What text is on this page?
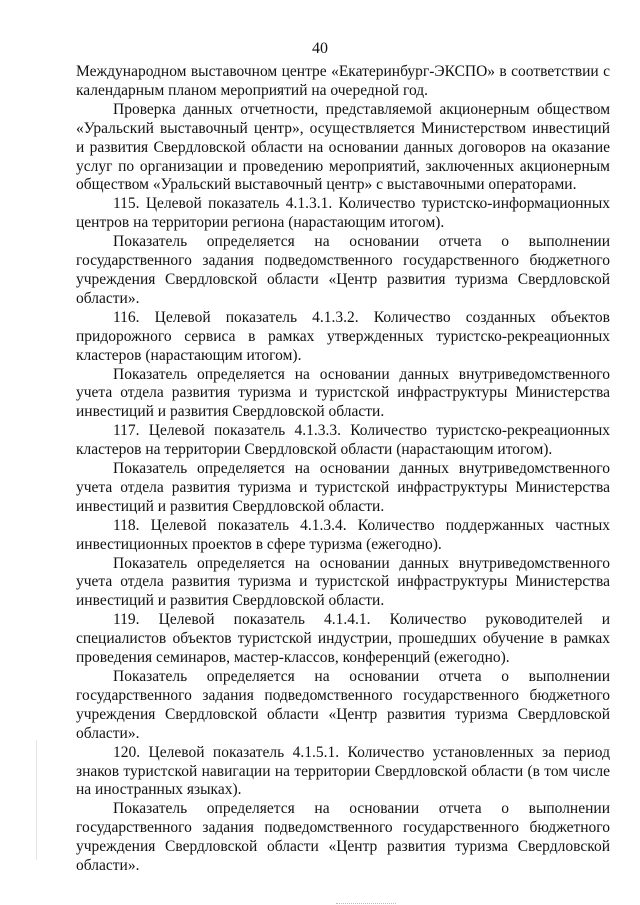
40

Международном выставочном центре «Екатеринбург-ЭКСПО» в соответствии с календарным планом мероприятий на очередной год.

Проверка данных отчетности, представляемой акционерным обществом «Уральский выставочный центр», осуществляется Министерством инвестиций и развития Свердловской области на основании данных договоров на оказание услуг по организации и проведению мероприятий, заключенных акционерным обществом «Уральский выставочный центр» с выставочными операторами.

115. Целевой показатель 4.1.3.1. Количество туристско-информационных центров на территории региона (нарастающим итогом).

Показатель определяется на основании отчета о выполнении государственного задания подведомственного государственного бюджетного учреждения Свердловской области «Центр развития туризма Свердловской области».

116. Целевой показатель 4.1.3.2. Количество созданных объектов придорожного сервиса в рамках утвержденных туристско-рекреационных кластеров (нарастающим итогом).

Показатель определяется на основании данных внутриведомственного учета отдела развития туризма и туристской инфраструктуры Министерства инвестиций и развития Свердловской области.

117. Целевой показатель 4.1.3.3. Количество туристско-рекреационных кластеров на территории Свердловской области (нарастающим итогом).

Показатель определяется на основании данных внутриведомственного учета отдела развития туризма и туристской инфраструктуры Министерства инвестиций и развития Свердловской области.

118. Целевой показатель 4.1.3.4. Количество поддержанных частных инвестиционных проектов в сфере туризма (ежегодно).

Показатель определяется на основании данных внутриведомственного учета отдела развития туризма и туристской инфраструктуры Министерства инвестиций и развития Свердловской области.

119. Целевой показатель 4.1.4.1. Количество руководителей и специалистов объектов туристской индустрии, прошедших обучение в рамках проведения семинаров, мастер-классов, конференций (ежегодно).

Показатель определяется на основании отчета о выполнении государственного задания подведомственного государственного бюджетного учреждения Свердловской области «Центр развития туризма Свердловской области».

120. Целевой показатель 4.1.5.1. Количество установленных за период знаков туристской навигации на территории Свердловской области (в том числе на иностранных языках).

Показатель определяется на основании отчета о выполнении государственного задания подведомственного государственного бюджетного учреждения Свердловской области «Центр развития туризма Свердловской области».
